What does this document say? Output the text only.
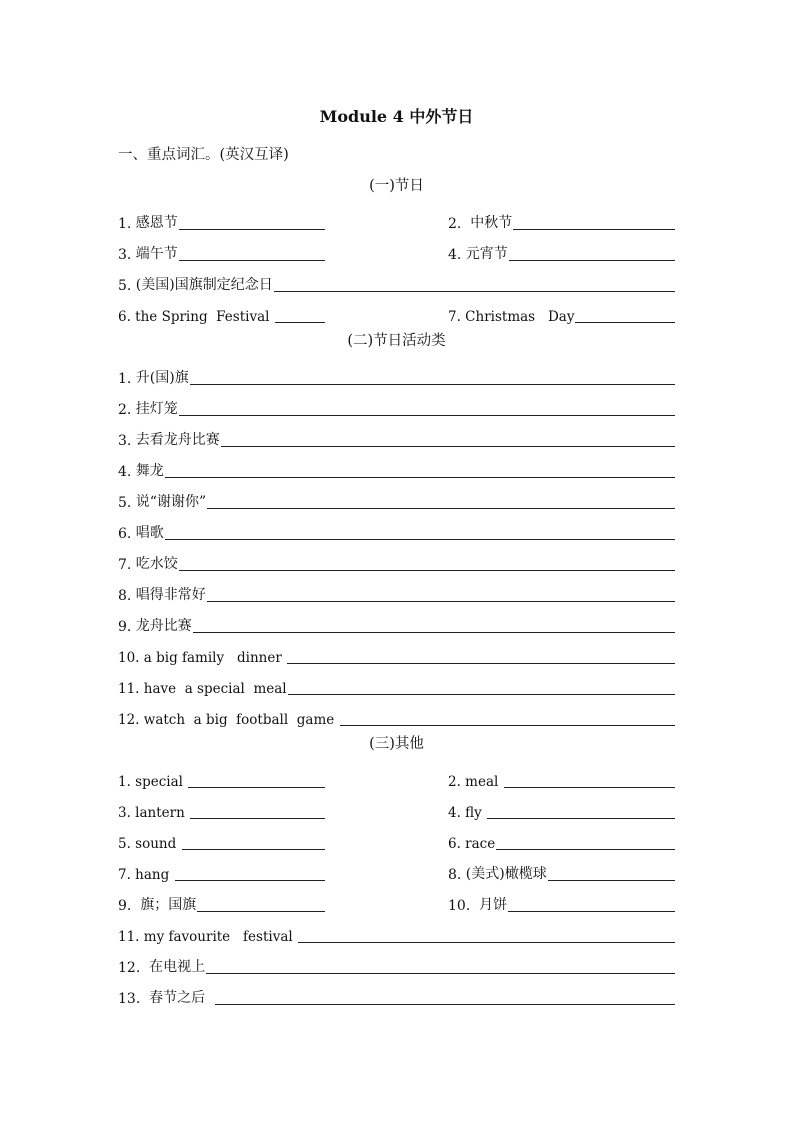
Module 4 中外节日
一、重点词汇。(英汉互译)
(一)节日
1. 感恩节	2. 中秋节
3. 端午节	4. 元宵节
5. (美国)国旗制定纪念日
6. the Spring  Festival	7. Christmas   Day
(二)节日活动类
1. 升(国)旗
2. 挂灯笼
3. 去看龙舟比赛
4. 舞龙
5. 说“谢谢你”
6. 唱歌
7. 吃水饺
8. 唱得非常好
9. 龙舟比赛
10. a big family   dinner
11. have  a special  meal
12. watch  a big  football  game
(三)其他
1. special	2. meal
3. lantern	4. fly
5. sound	6. race
7. hang	8. (美式)橄榄球
9. 旗；国旗	10. 月饼
11. my favourite   festival
12. 在电视上
13. 春节之后
